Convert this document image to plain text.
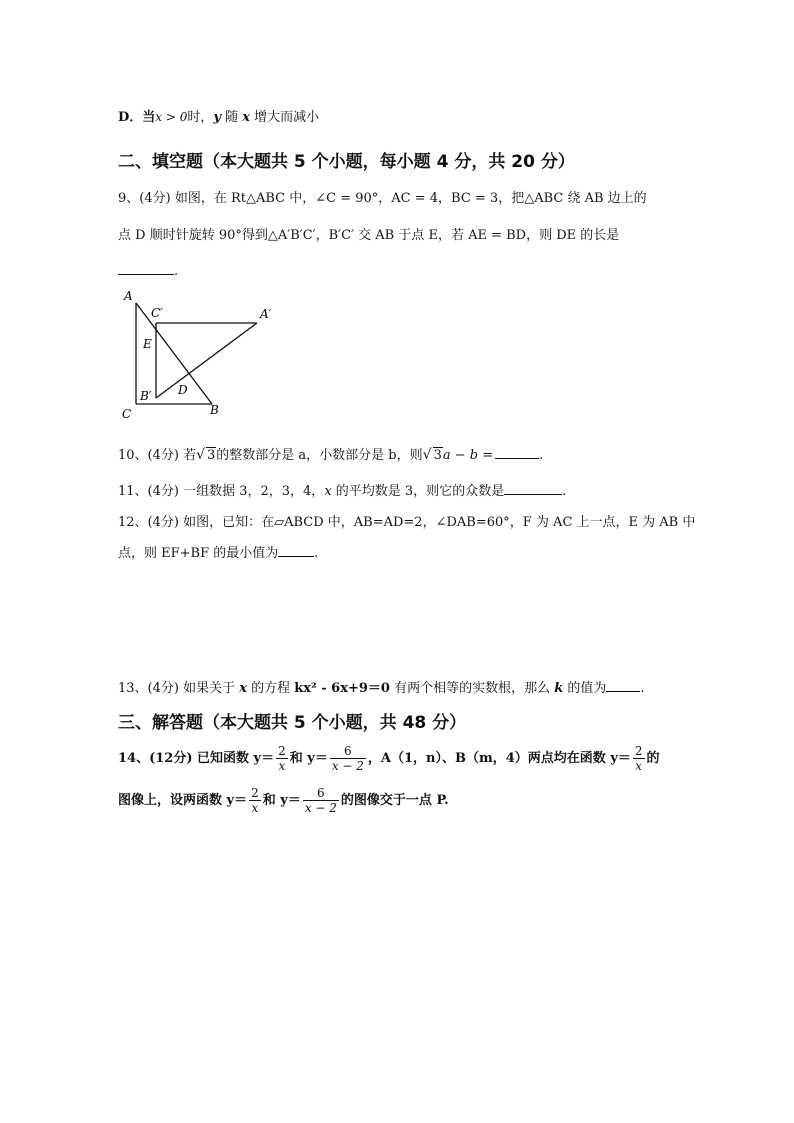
D．当x > 0时，y 随 x 增大而减小
二、填空题（本大题共 5 个小题，每小题 4 分，共 20 分）
9、(4分) 如图，在 Rt△ABC 中，∠C = 90°，AC = 4，BC = 3，把△ABC 绕 AB 边上的
点 D 顺时针旋转 90°得到△A′B′C′，B′C′ 交 AB 于点 E，若 AE = BD，则 DE 的长是
.
A
C′	A′
E
D
B′
C	B
10、(4分) 若√ 3的整数部分是 a，小数部分是 b，则√ 3a − b =	.
11、(4分) 一组数据 3，2，3，4，x 的平均数是 3，则它的众数是	.
12、(4分) 如图，已知：在▱ABCD 中，AB=AD=2，∠DAB=60°，F 为 AC 上一点，E 为 AB 中
点，则 EF+BF 的最小值为	.
13、(4分) 如果关于 x 的方程 kx² - 6x+9＝0 有两个相等的实数根，那么 k 的值为	.
三、解答题（本大题共 5 个小题，共 48 分）
14、(12分) 已知函数 $y= \frac{2}{x}$ 和 $y= \frac{6}{x - 2}$ ，A（1，n）、B（m，4）两点均在函数 $y= \frac{2}{x}$ 的
图像上，设两函数 $y= \frac{2}{x}$ 和 $y= \frac{6}{x - 2}$ 的图像交于一点 P.
